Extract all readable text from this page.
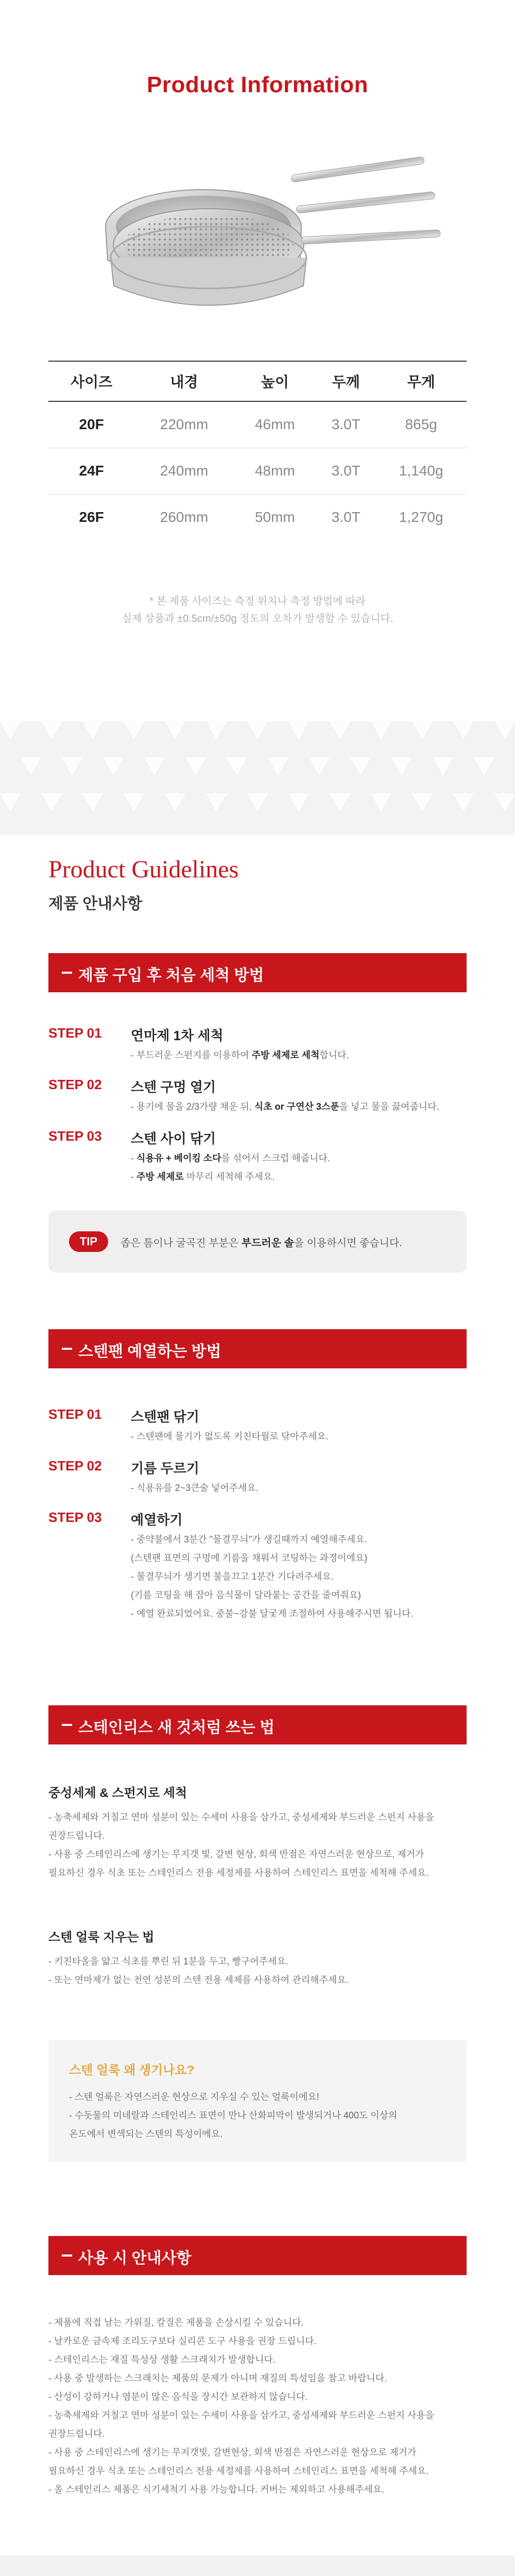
Product Information
사이즈	내경	높이	두께	무게
20F	220mm	46mm	3.0T	865g
24F	240mm	48mm	3.0T	1,140g
26F	260mm	50mm	3.0T	1,270g
* 본 제품 사이즈는 측정 위치나 측정 방법에 따라
실제 상품과 ±0.5cm/±50g 정도의 오차가 발생할 수 있습니다.
Product Guidelines
제품 안내사항
제품 구입 후 처음 세척 방법
STEP 01 연마제 1차 세척
- 부드러운 스펀지를 이용하여 주방 세제로 세척합니다.
STEP 02 스텐 구멍 열기
- 용기에 물을 2/3가량 채운 뒤, 식초 or 구연산 3스푼을 넣고 물을 끓여줍니다.
STEP 03 스텐 사이 닦기
- 식용유 + 베이킹 소다를 섞어서 스크럽 해줍니다.
- 주방 세제로 마무리 세척해 주세요.
TIP	좁은 틈이나 굴곡진 부분은 부드러운 솔을 이용하시면 좋습니다.
스텐팬 예열하는 방법
STEP 01 스텐팬 닦기
- 스텐팬에 물기가 없도록 키친타월로 닦아주세요.
STEP 02 기름 두르기
- 식용유를 2~3큰술 넣어주세요.
STEP 03 예열하기
- 중약불에서 3분간 "물결무늬"가 생길때까지 예열해주세요.
(스텐팬 표면의 구멍에 기름을 채워서 코팅하는 과정이에요)
- 물결무늬가 생기면 불을끄고 1분간 기다려주세요.
(기름 코팅을 해 잡아 음식물이 달라붙는 공간을 줄여줘요)
- 예열 완료되었어요. 중불~강불 달궃게 조절하여 사용해주시면 됩니다.
스테인리스 새 것처럼 쓰는 법
중성세제 & 스펀지로 세척
- 농축세제와 거칠고 연마 성분이 있는 수세미 사용을 삼가고, 중성세제와 부드러운 스펀지 사용을
권장드립니다.
- 사용 중 스테인리스에 생기는 무지갯 빛, 갈변 현상, 회색 반점은 자연스러운 현상으로, 제거가
필요하신 경우 식초 또는 스테인리스 전용 세정제를 사용하여 스테인리스 표면을 세척해 주세요.
스텐 얼룩 지우는 법
- 키친타올을 얇고 식초를 뿌린 뒤 1분을 두고, 빵구어주세요.
- 또는 연마제가 없는 천연 성분의 스텐 전용 세제를 사용하여 관리해주세요.
스텐 얼룩 왜 생기나요?
- 스텐 얼룩은 자연스러운 현상으로 지우실 수 있는 얼룩이에요!
- 수돗물의 미네랄과 스테인리스 표면이 만나 산화피막이 발생되거나 400도 이상의
온도에서 변색되는 스텐의 특성이에요.
사용 시 안내사항
- 제품에 직접 날는 가위질, 칼질은 제품을 손상시킬 수 있습니다.
- 날카로운 금속제 조리도구보다 실리콘 도구 사용을 권장 드립니다.
- 스테인리스는 재질 특성상 생활 스크래치가 발생합니다.
- 사용 중 발생하는 스크래치는 제품의 문제가 아니며 재질의 특성임을 참고 바랍니다.
- 산성이 강하거나 염분이 많은 음식을 장시간 보관하지 않습니다.
- 농축세제와 거칠고 연마 성분이 있는 수세미 사용을 삼가고, 중성세제와 부드러운 스펀지 사용을
권장드립니다.
- 사용 중 스테인리스에 생기는 무지갯빛, 갈변현상, 회색 반점은 자연스러운 현상으로 제거가
필요하신 경우 식초 또는 스테인리스 전용 세정제를 사용하여 스테인리스 표면을 세척해 주세요.
- 올 스테인리스 제품은 식기세척기 사용 가능합니다. 커버는 제외하고 사용해주세요.
